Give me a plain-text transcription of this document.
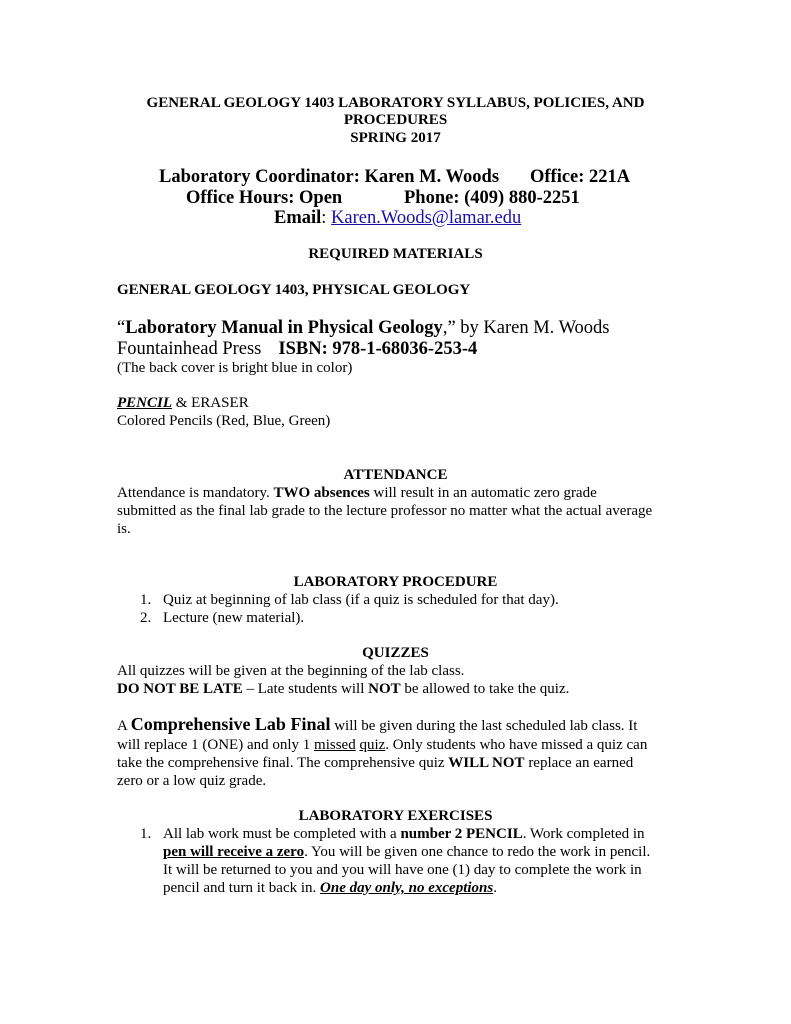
GENERAL GEOLOGY 1403 LABORATORY SYLLABUS, POLICIES, AND
PROCEDURES
SPRING 2017
Laboratory Coordinator: Karen M. Woods Office: 221A
Office Hours: Open	Phone: (409) 880-2251
Email: Karen.Woods@lamar.edu
REQUIRED MATERIALS
GENERAL GEOLOGY 1403, PHYSICAL GEOLOGY
“Laboratory Manual in Physical Geology,” by Karen M. Woods
Fountainhead Press ISBN: 978-1-68036-253-4
(The back cover is bright blue in color)
PENCIL & ERASER
Colored Pencils (Red, Blue, Green)
ATTENDANCE
Attendance is mandatory. TWO absences will result in an automatic zero grade
submitted as the final lab grade to the lecture professor no matter what the actual average
is.
LABORATORY PROCEDURE
1. Quiz at beginning of lab class (if a quiz is scheduled for that day).
2. Lecture (new material).
QUIZZES
All quizzes will be given at the beginning of the lab class.
DO NOT BE LATE – Late students will NOT be allowed to take the quiz.
A Comprehensive Lab Final will be given during the last scheduled lab class. It
will replace 1 (ONE) and only 1 missed quiz. Only students who have missed a quiz can
take the comprehensive final. The comprehensive quiz WILL NOT replace an earned
zero or a low quiz grade.
LABORATORY EXERCISES
1. All lab work must be completed with a number 2 PENCIL. Work completed in
pen will receive a zero. You will be given one chance to redo the work in pencil.
It will be returned to you and you will have one (1) day to complete the work in
pencil and turn it back in. One day only, no exceptions.
